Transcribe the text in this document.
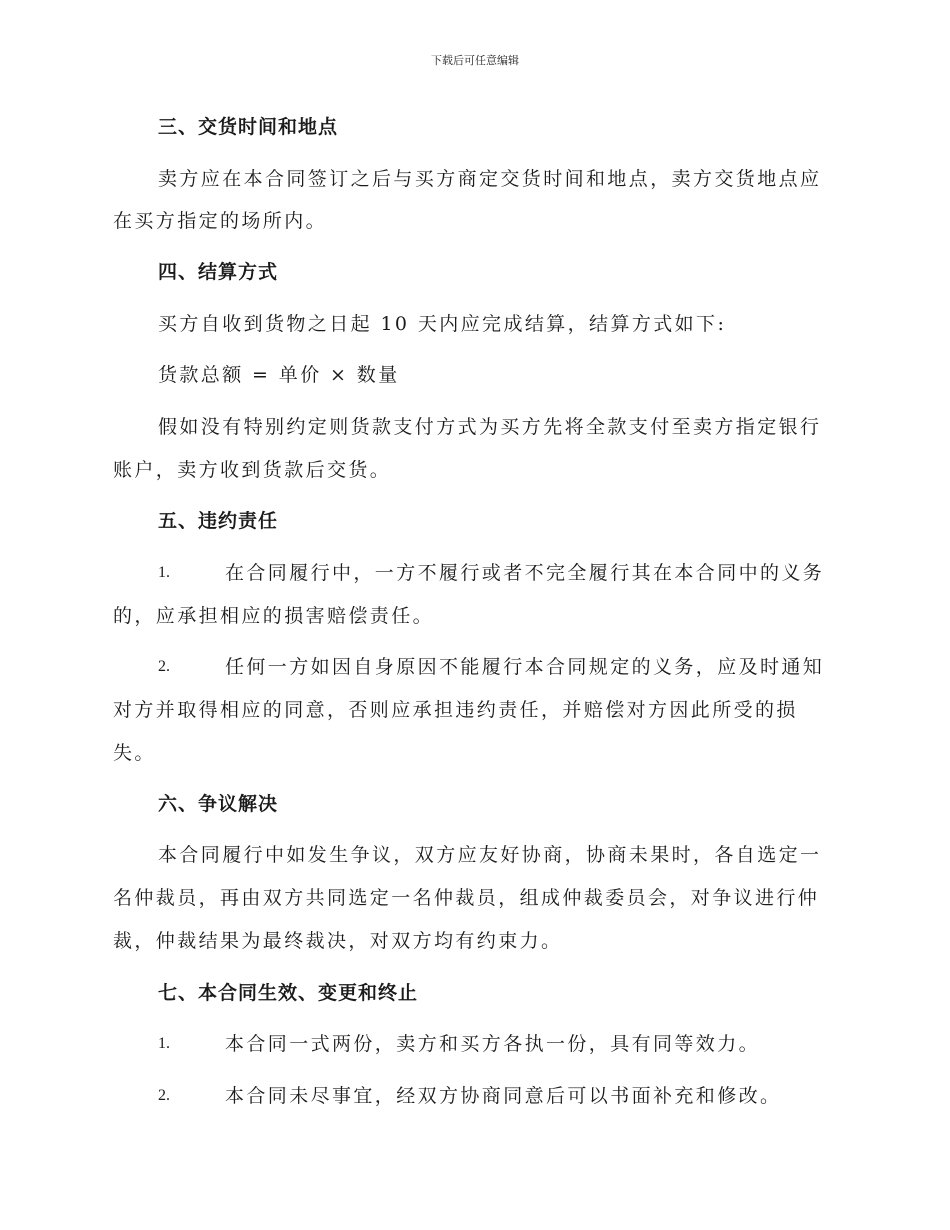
下载后可任意编辑
三、交货时间和地点
卖方应在本合同签订之后与买方商定交货时间和地点，卖方交货地点应
在买方指定的场所内。
四、结算方式
买方自收到货物之日起 10 天内应完成结算，结算方式如下:
货款总额 = 单价 × 数量
假如没有特别约定则货款支付方式为买方先将全款支付至卖方指定银行
账户，卖方收到货款后交货。
五、违约责任
1.	在合同履行中，一方不履行或者不完全履行其在本合同中的义务
的，应承担相应的损害赔偿责任。
2.	任何一方如因自身原因不能履行本合同规定的义务，应及时通知
对方并取得相应的同意，否则应承担违约责任，并赔偿对方因此所受的损
失。
六、争议解决
本合同履行中如发生争议，双方应友好协商，协商未果时，各自选定一
名仲裁员，再由双方共同选定一名仲裁员，组成仲裁委员会，对争议进行仲
裁，仲裁结果为最终裁决，对双方均有约束力。
七、本合同生效、变更和终止
1.	本合同一式两份，卖方和买方各执一份，具有同等效力。
2.	本合同未尽事宜，经双方协商同意后可以书面补充和修改。
